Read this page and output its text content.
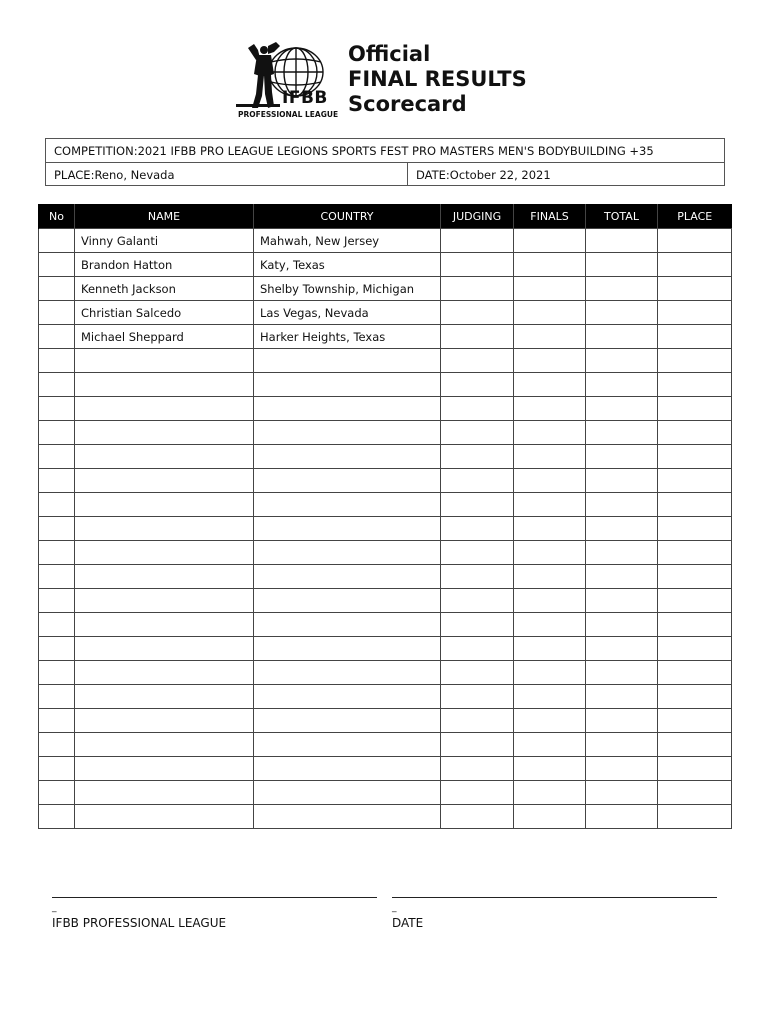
IFBB
PROFESSIONAL LEAGUE
Official
FINAL RESULTS
Scorecard
COMPETITION:
2021 IFBB PRO LEAGUE LEGIONS SPORTS FEST PRO MASTERS MEN'S BODYBUILDING +35
PLACE:
Reno, Nevada	DATE:
October 22, 2021
No	NAME	COUNTRY	JUDGING	FINALS	TOTAL	PLACE
	Vinny Galanti	Mahwah, New Jersey				
	Brandon Hatton	Katy, Texas				
	Kenneth Jackson	Shelby Township, Michigan				
	Christian Salcedo	Las Vegas, Nevada				
	Michael Sheppard	Harker Heights, Texas				

_
IFBB PROFESSIONAL LEAGUE
_
DATE
